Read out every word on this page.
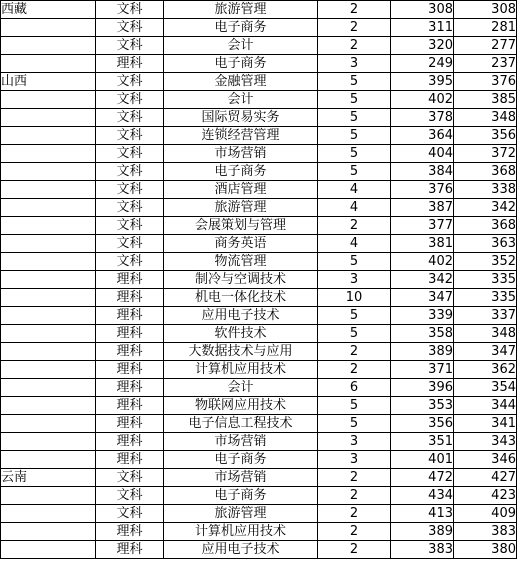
西藏	文科	旅游管理	2	308	308
	文科	电子商务	2	311	281
	文科	会计	2	320	277
	理科	电子商务	3	249	237
山西	文科	金融管理	5	395	376
	文科	会计	5	402	385
	文科	国际贸易实务	5	378	348
	文科	连锁经营管理	5	364	356
	文科	市场营销	5	404	372
	文科	电子商务	5	384	368
	文科	酒店管理	4	376	338
	文科	旅游管理	4	387	342
	文科	会展策划与管理	2	377	368
	文科	商务英语	4	381	363
	文科	物流管理	5	402	352
	理科	制冷与空调技术	3	342	335
	理科	机电一体化技术	10	347	335
	理科	应用电子技术	5	339	337
	理科	软件技术	5	358	348
	理科	大数据技术与应用	2	389	347
	理科	计算机应用技术	2	371	362
	理科	会计	6	396	354
	理科	物联网应用技术	5	353	344
	理科	电子信息工程技术	5	356	341
	理科	市场营销	3	351	343
	理科	电子商务	3	401	346
云南	文科	市场营销	2	472	427
	文科	电子商务	2	434	423
	文科	旅游管理	2	413	409
	理科	计算机应用技术	2	389	383
	理科	应用电子技术	2	383	380
